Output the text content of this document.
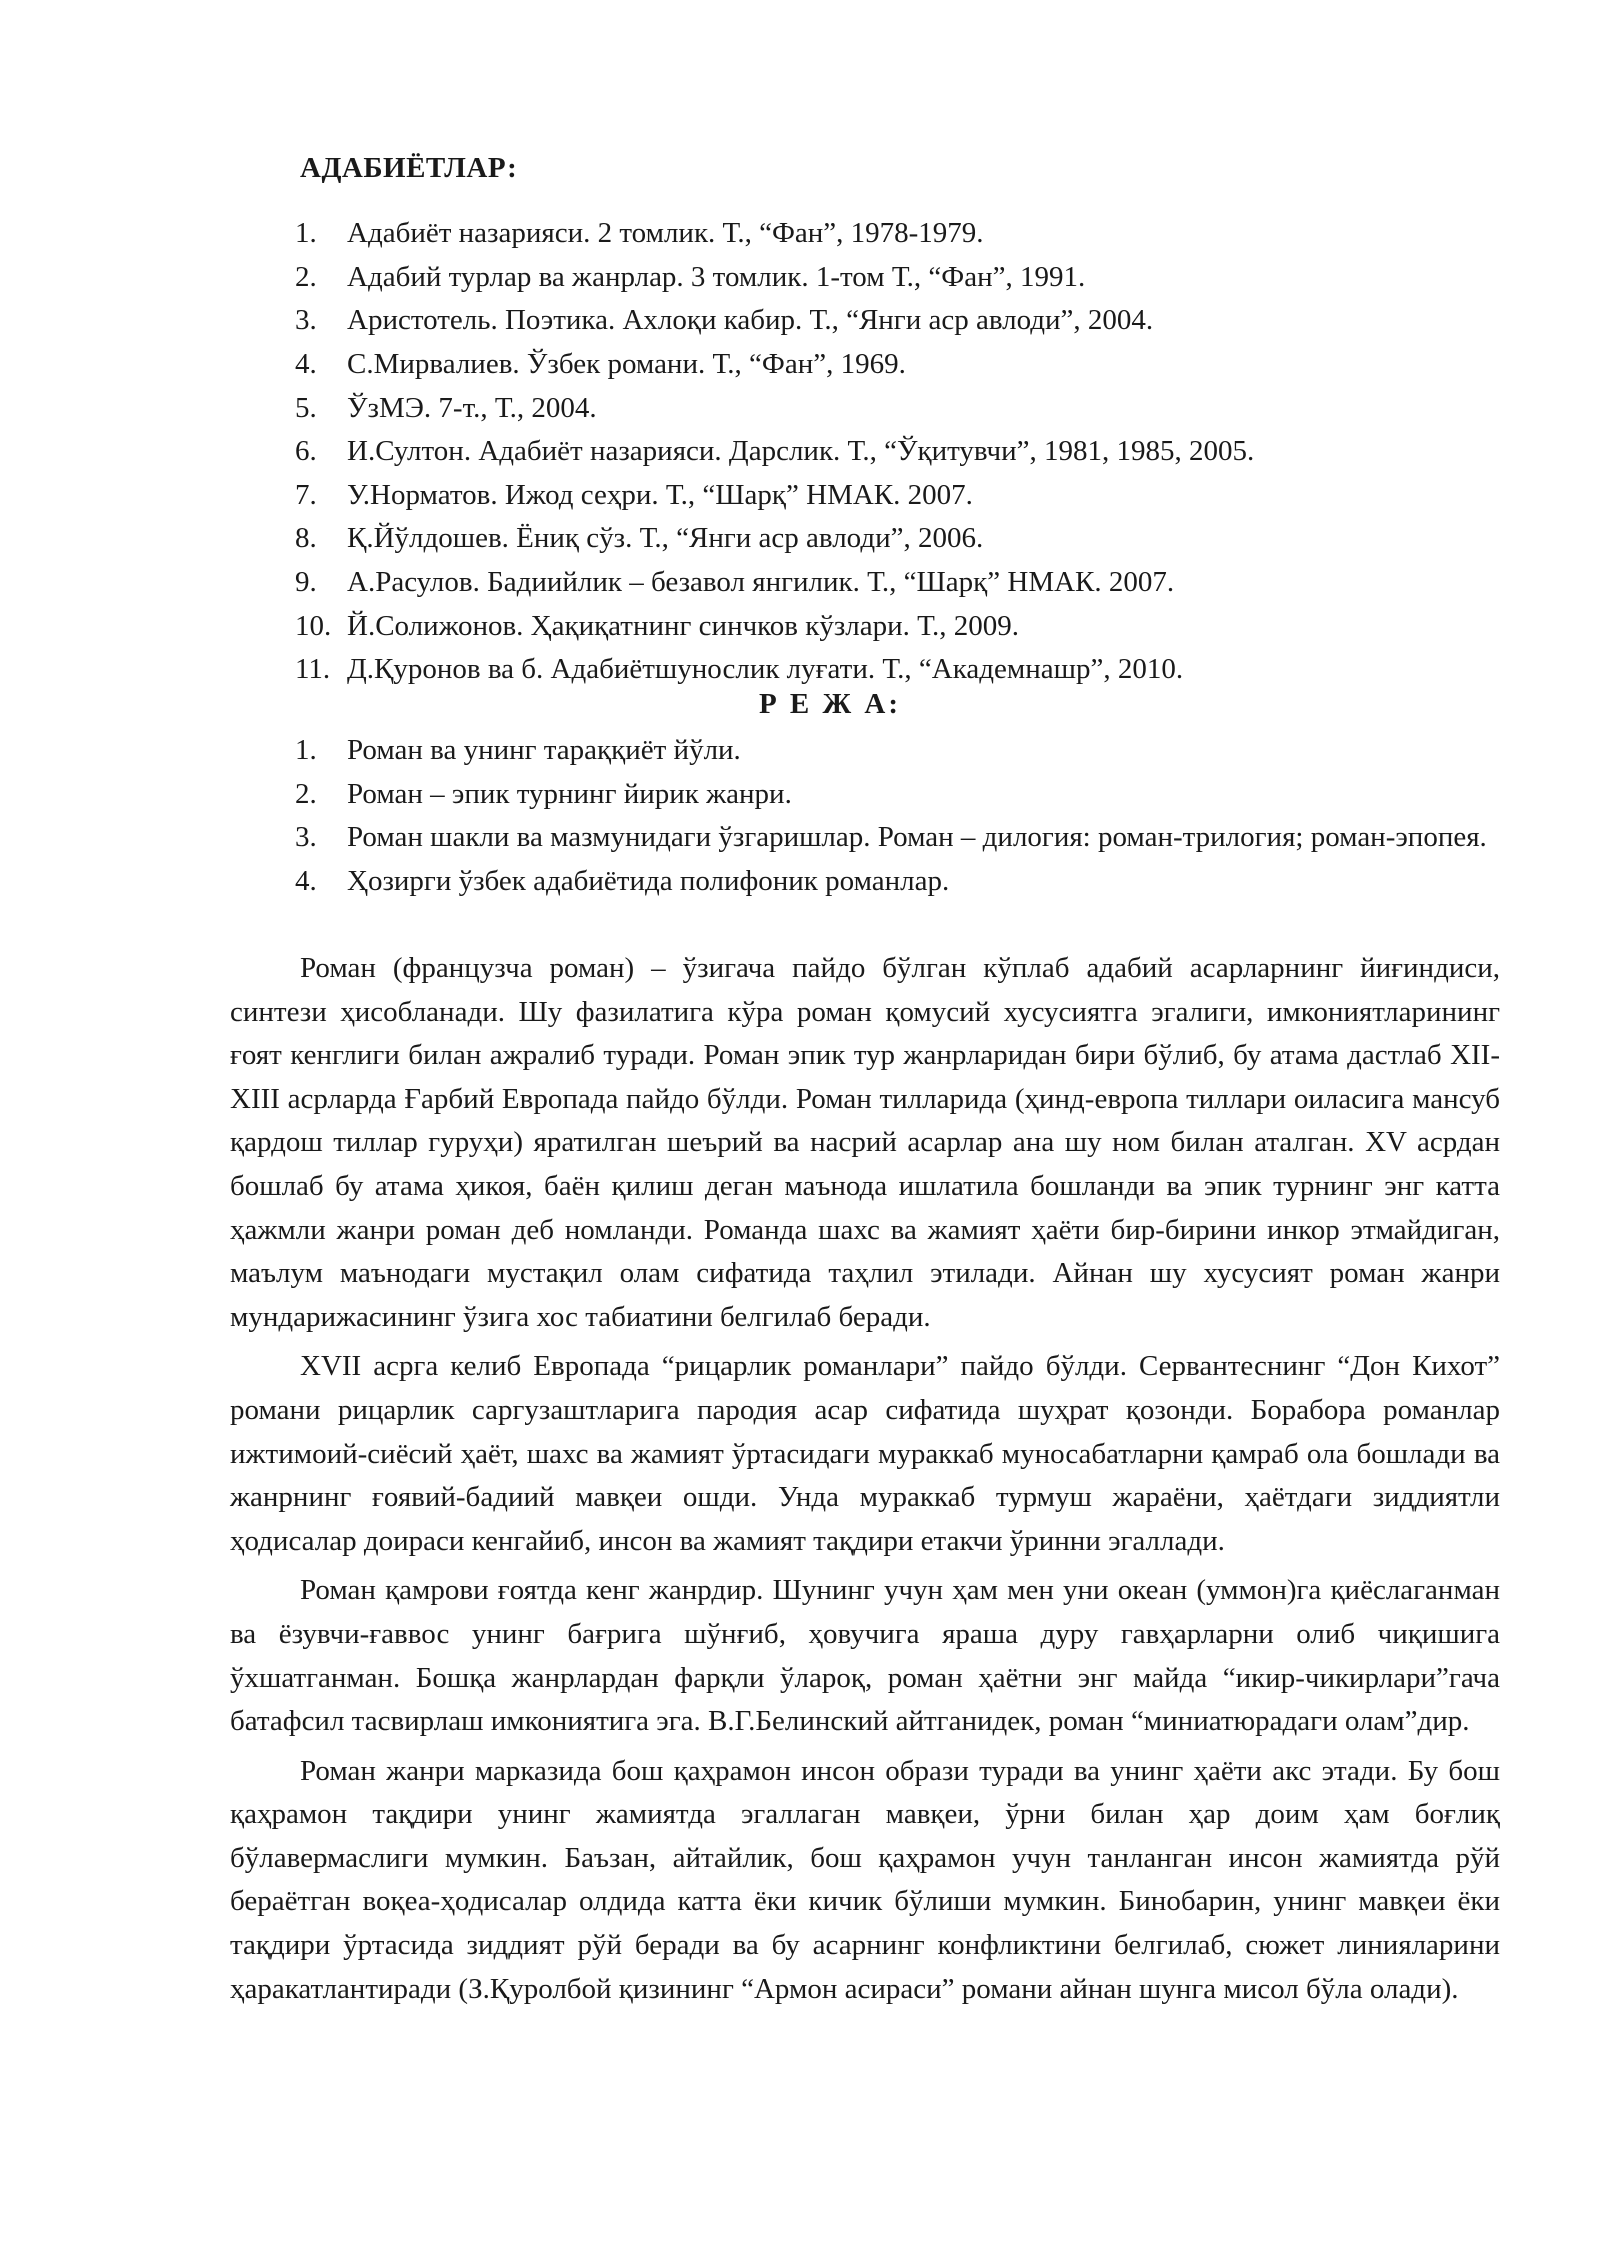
АДАБИЁТЛАР:
1.	Адабиёт назарияси. 2 томлик. Т., “Фан”, 1978-1979.
2.	Адабий турлар ва жанрлар. 3 томлик. 1-том Т., “Фан”, 1991.
3.	Аристотель. Поэтика. Ахлоқи кабир. Т., “Янги аср авлоди”, 2004.
4.	С.Мирвалиев. Ўзбек романи. Т., “Фан”, 1969.
5.	ЎзМЭ. 7-т., Т., 2004.
6.	И.Султон. Адабиёт назарияси. Дарслик. Т., “Ўқитувчи”, 1981, 1985, 2005.
7.	У.Норматов. Ижод сеҳри. Т., “Шарқ” НМАК. 2007.
8.	Қ.Йўлдошев. Ёниқ сўз. Т., “Янги аср авлоди”, 2006.
9.	А.Расулов. Бадиийлик – безавол янгилик. Т., “Шарқ” НМАК. 2007.
10. Й.Солижонов. Ҳақиқатнинг синчков кўзлари. Т., 2009.
11. Д.Қуронов ва б. Адабиётшунослик луғати. Т., “Академнашр”, 2010.
Р Е Ж А:
1.	Роман ва унинг тараққиёт йўли.
2.	Роман – эпик турнинг йирик жанри.
3.	Роман шакли ва мазмунидаги ўзгаришлар. Роман – дилогия: роман-трилогия; роман-эпопея.
4.	Ҳозирги ўзбек адабиётида полифоник романлар.

Роман (французча роман) – ўзигача пайдо бўлган кўплаб адабий асарларнинг йиғиндиси, синтези ҳисобланади. Шу фазилатига кўра роман қомусий хусусиятга эгалиги, имкониятларининг ғоят кенглиги билан ажралиб туради. Роман эпик тур жанрларидан бири бўлиб, бу атама дастлаб XII-XIII асрларда Ғарбий Европада пайдо бўлди. Роман тилларида (ҳинд-европа тиллари оиласига мансуб қардош тиллар гуруҳи) яратилган шеърий ва насрий асарлар ана шу ном билан аталган. XV асрдан бошлаб бу атама ҳикоя, баён қилиш деган маънода ишлатила бошланди ва эпик турнинг энг катта ҳажмли жанри роман деб номланди. Романда шахс ва жамият ҳаёти бир-бирини инкор этмайдиган, маълум маънодаги мустақил олам сифатида таҳлил этилади. Айнан шу хусусият роман жанри мундарижасининг ўзига хос табиатини белгилаб беради.

XVII асрга келиб Европада “рицарлик романлари” пайдо бўлди. Сервантеснинг “Дон Кихот” романи рицарлик саргузаштларига пародия асар сифатида шуҳрат қозонди. Борабора романлар ижтимоий-сиёсий ҳаёт, шахс ва жамият ўртасидаги мураккаб муносабатларни қамраб ола бошлади ва жанрнинг ғоявий-бадиий мавқеи ошди. Унда мураккаб турмуш жараёни, ҳаётдаги зиддиятли ҳодисалар доираси кенгайиб, инсон ва жамият тақдири етакчи ўринни эгаллади.

Роман қамрови ғоятда кенг жанрдир. Шунинг учун ҳам мен уни океан (уммон)га қиёслаганман ва ёзувчи-ғаввос унинг бағрига шўнғиб, ҳовучига яраша дуру гавҳарларни олиб чиқишига ўхшатганман. Бошқа жанрлардан фарқли ўлароқ, роман ҳаётни энг майда “икир-чикирлари”гача батафсил тасвирлаш имкониятига эга. В.Г.Белинский айтганидек, роман “миниатюрадаги олам”дир.

Роман жанри марказида бош қаҳрамон инсон образи туради ва унинг ҳаёти акс этади. Бу бош қаҳрамон тақдири унинг жамиятда эгаллаган мавқеи, ўрни билан ҳар доим ҳам боғлиқ бўлавермаслиги мумкин. Баъзан, айтайлик, бош қаҳрамон учун танланган инсон жамиятда рўй бераётган воқеа-ҳодисалар олдида катта ёки кичик бўлиши мумкин. Бинобарин, унинг мавқеи ёки тақдири ўртасида зиддият рўй беради ва бу асарнинг конфликтини белгилаб, сюжет линияларини ҳаракатлантиради (З.Қуролбой қизининг “Армон асираси” романи айнан шунга мисол бўла олади).
